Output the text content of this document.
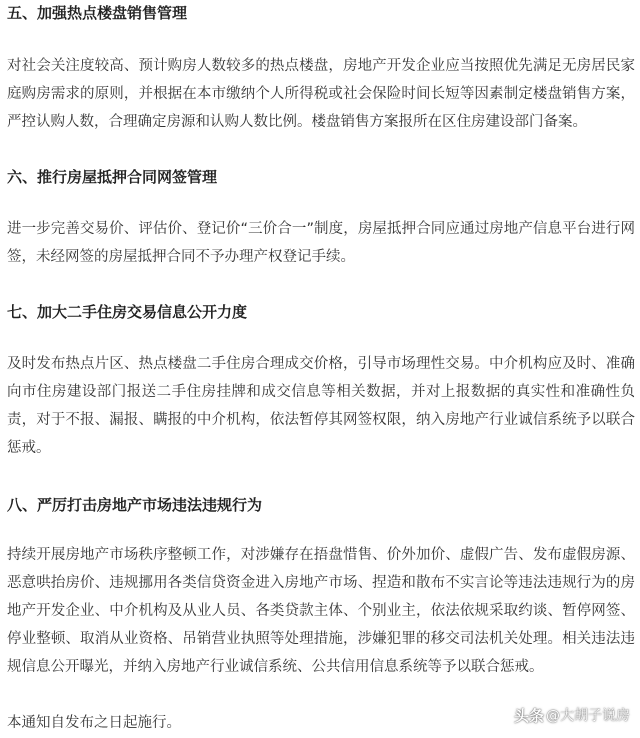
五、加强热点楼盘销售管理
对社会关注度较高、预计购房人数较多的热点楼盘，房地产开发企业应当按照优先满足无房居民家
庭购房需求的原则，并根据在本市缴纳个人所得税或社会保险时间长短等因素制定楼盘销售方案，
严控认购人数，合理确定房源和认购人数比例。楼盘销售方案报所在区住房建设部门备案。
六、推行房屋抵押合同网签管理
进一步完善交易价、评估价、登记价“三价合一”制度，房屋抵押合同应通过房地产信息平台进行网
签，未经网签的房屋抵押合同不予办理产权登记手续。
七、加大二手住房交易信息公开力度
及时发布热点片区、热点楼盘二手住房合理成交价格，引导市场理性交易。中介机构应及时、准确
向市住房建设部门报送二手住房挂牌和成交信息等相关数据，并对上报数据的真实性和准确性负
责，对于不报、漏报、瞒报的中介机构，依法暂停其网签权限，纳入房地产行业诚信系统予以联合
惩戒。
八、严厉打击房地产市场违法违规行为
持续开展房地产市场秩序整顿工作，对涉嫌存在捂盘惜售、价外加价、虚假广告、发布虚假房源、
恶意哄抬房价、违规挪用各类信贷资金进入房地产市场、捏造和散布不实言论等违法违规行为的房
地产开发企业、中介机构及从业人员、各类贷款主体、个别业主，依法依规采取约谈、暂停网签、
停业整顿、取消从业资格、吊销营业执照等处理措施，涉嫌犯罪的移交司法机关处理。相关违法违
规信息公开曝光，并纳入房地产行业诚信系统、公共信用信息系统等予以联合惩戒。
本通知自发布之日起施行。	头条 @大胡子说房
